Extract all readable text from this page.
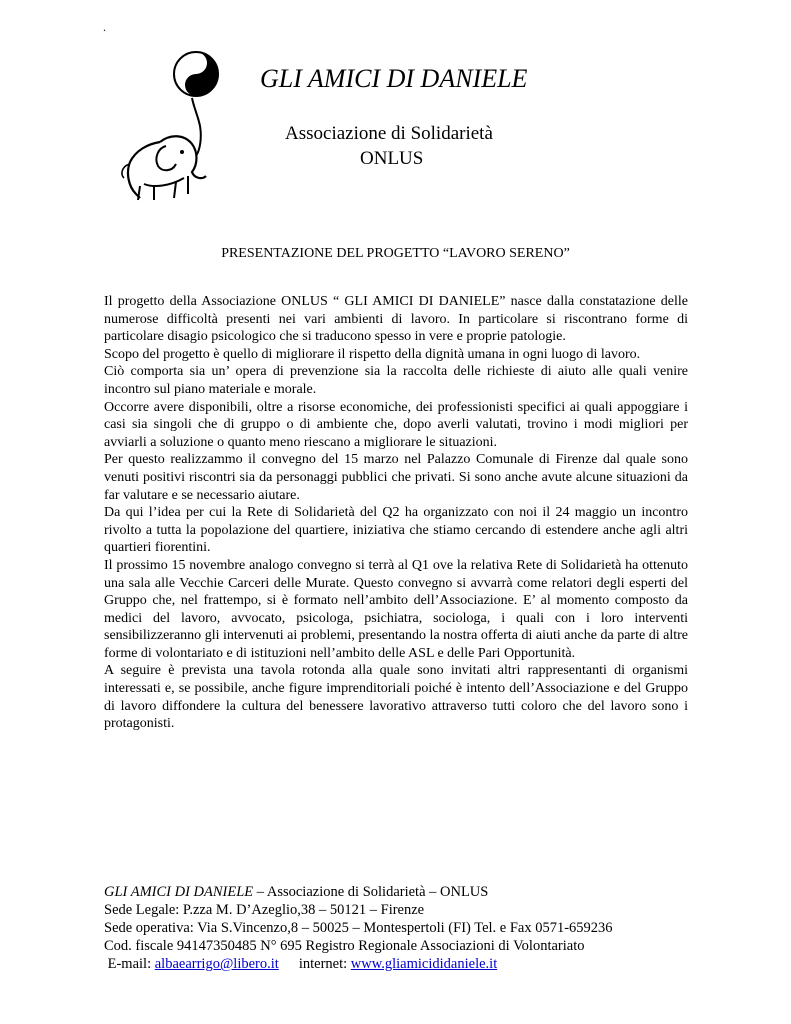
.
GLI AMICI DI DANIELE
Associazione di Solidarietà
ONLUS
PRESENTAZIONE DEL PROGETTO “LAVORO SERENO”

Il progetto della Associazione ONLUS “ GLI AMICI DI DANIELE” nasce dalla constatazione delle numerose difficoltà presenti nei vari ambienti di lavoro. In particolare si riscontrano forme di particolare disagio psicologico che si traducono spesso in vere e proprie patologie.

Scopo del progetto è quello di migliorare il rispetto della dignità umana in ogni luogo di lavoro.

Ciò comporta sia un’ opera di prevenzione sia la raccolta delle richieste di aiuto alle quali venire incontro sul piano materiale e morale.

Occorre avere disponibili, oltre a risorse economiche, dei professionisti specifici ai quali appoggiare i casi sia singoli che di gruppo o di ambiente che, dopo averli valutati, trovino i modi migliori per avviarli a soluzione o quanto meno riescano a migliorare le situazioni.

Per questo realizzammo il convegno del 15 marzo nel Palazzo Comunale di Firenze dal quale sono venuti positivi riscontri sia da personaggi pubblici che privati. Si sono anche avute alcune situazioni da far valutare e se necessario aiutare.

Da qui l’idea per cui la Rete di Solidarietà del Q2 ha organizzato con noi il 24 maggio un incontro rivolto a tutta la popolazione del quartiere, iniziativa che stiamo cercando di estendere anche agli altri quartieri fiorentini.

Il prossimo 15 novembre analogo convegno si terrà al Q1 ove la relativa Rete di Solidarietà ha ottenuto una sala alle Vecchie Carceri delle Murate. Questo convegno si avvarrà come relatori degli esperti del Gruppo che, nel frattempo, si è formato nell’ambito dell’Associazione. E’ al momento composto da medici del lavoro, avvocato, psicologa, psichiatra, sociologa, i quali con i loro interventi sensibilizzeranno gli intervenuti ai problemi, presentando la nostra offerta di aiuti anche da parte di altre forme di volontariato e di istituzioni nell’ambito delle ASL e delle Pari Opportunità.

A seguire è prevista una tavola rotonda alla quale sono invitati altri rappresentanti di organismi interessati e, se possibile, anche figure imprenditoriali poiché è intento dell’Associazione e del Gruppo di lavoro diffondere la cultura del benessere lavorativo attraverso tutti coloro che del lavoro sono i protagonisti.

GLI AMICI DI DANIELE – Associazione di Solidarietà – ONLUS
Sede Legale: P.zza M. D’Azeglio,38 – 50121 – Firenze
Sede operativa: Via S.Vincenzo,8 – 50025 – Montespertoli (FI) Tel. e Fax 0571-659236
Cod. fiscale 94147350485 N° 695 Registro Regionale Associazioni di Volontariato
E-mail: albaearrigo@libero.it internet: www.gliamicididaniele.it
